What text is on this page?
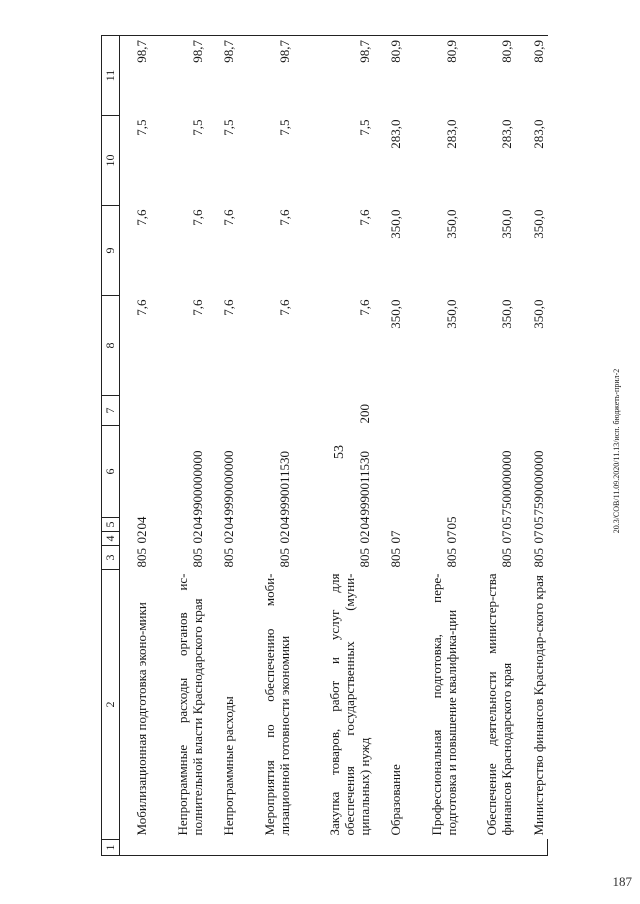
53	20.3/СОВ/11.09.2020/11.13/исп. бюджеть-прил-2
1	2	3	4	5	6	7	8	9	10	11
	Мобилизационная подготовка эконо-мики	805	02	04			7,6	7,6	7,5	98,7
	Непрограммные расходы органов ис-полнительной власти Краснодарского края	805	02	04	9900000000		7,6	7,6	7,5	98,7
	Непрограммные расходы	805	02	04	9990000000		7,6	7,6	7,5	98,7
	Мероприятия по обеспечению моби-лизационной готовности экономики	805	02	04	9990011530		7,6	7,6	7,5	98,7
	Закупка товаров, работ и услуг для обеспечения государственных (муни-ципальных) нужд	805	02	04	9990011530	200	7,6	7,6	7,5	98,7
	Образование	805	07				350,0	350,0	283,0	80,9
	Профессиональная подготовка, пере-подготовка и повышение квалифика-ции	805	07	05			350,0	350,0	283,0	80,9
	Обеспечение деятельности министер-ства финансов Краснодарского края	805	07	05	7500000000		350,0	350,0	283,0	80,9
	Министерство финансов Краснодар-ского края	805	07	05	7590000000		350,0	350,0	283,0	80,9
187
